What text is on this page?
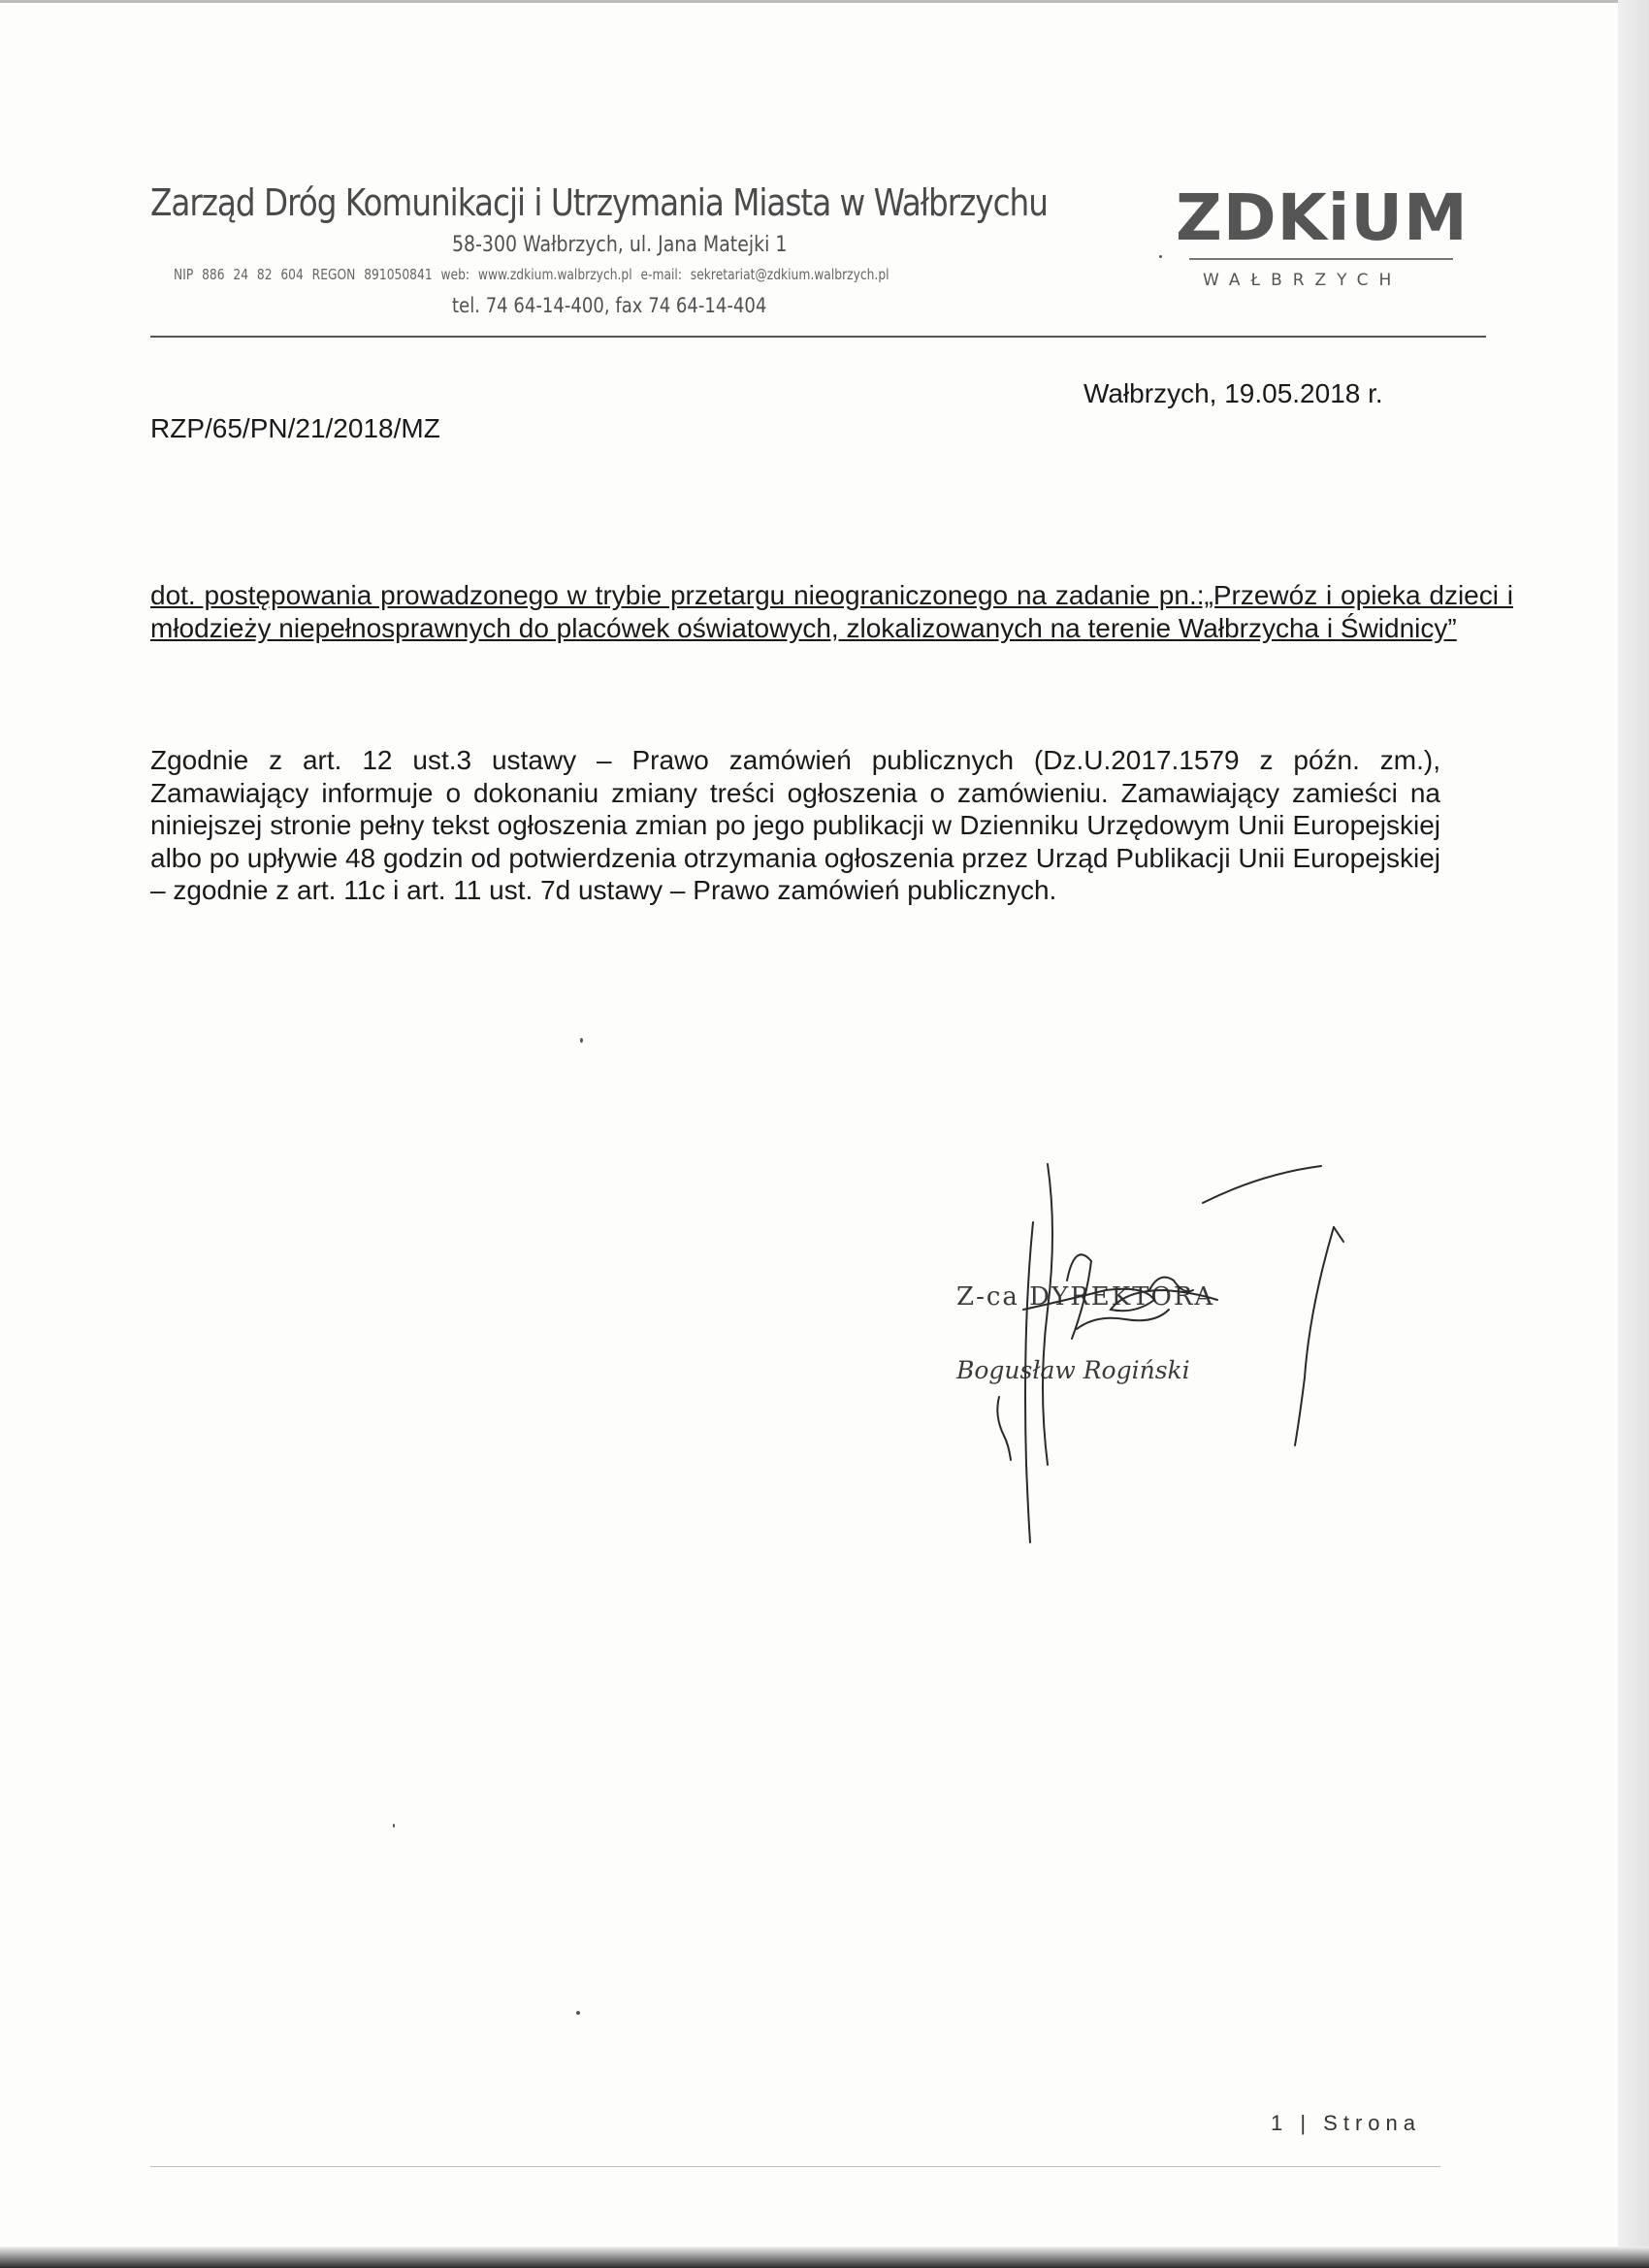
Zarząd Dróg Komunikacji i Utrzymania Miasta w Wałbrzychu
58-300 Wałbrzych, ul. Jana Matejki 1
NIP 886 24 82 604 REGON 891050841 web: www.zdkium.walbrzych.pl e-mail: sekretariat@zdkium.walbrzych.pl
tel. 74 64-14-400, fax 74 64-14-404
ZDKiUM
WAŁBRZYCH
RZP/65/PN/21/2018/MZ
Wałbrzych, 19.05.2018 r.
dot. postępowania prowadzonego w trybie przetargu nieograniczonego na zadanie pn.:„Przewóz i opieka dzieci i młodzieży niepełnosprawnych do placówek oświatowych, zlokalizowanych na terenie Wałbrzycha i Świdnicy”
Zgodnie z art. 12 ust.3 ustawy – Prawo zamówień publicznych (Dz.U.2017.1579 z późn. zm.), Zamawiający informuje o dokonaniu zmiany treści ogłoszenia o zamówieniu. Zamawiający zamieści na niniejszej stronie pełny tekst ogłoszenia zmian po jego publikacji w Dzienniku Urzędowym Unii Europejskiej albo po upływie 48 godzin od potwierdzenia otrzymania ogłoszenia przez Urząd Publikacji Unii Europejskiej – zgodnie z art. 11c i art. 11 ust. 7d ustawy – Prawo zamówień publicznych.
Z-ca DYREKTORA
Bogusław Rogiński
1 | Strona
